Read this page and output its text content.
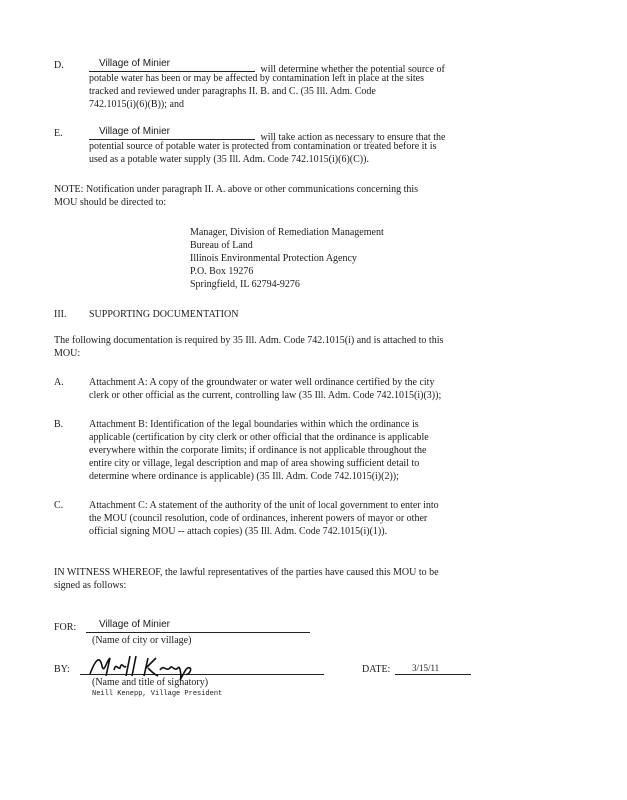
D.	Village of Minier
will determine whether the potential source of
potable water has been or may be affected by contamination left in place at the sites
tracked and reviewed under paragraphs II. B. and C. (35 Ill. Adm. Code
742.1015(i)(6)(B)); and
E.	Village of Minier
will take action as necessary to ensure that the
potential source of potable water is protected from contamination or treated before it is
used as a potable water supply (35 Ill. Adm. Code 742.1015(i)(6)(C)).
NOTE: Notification under paragraph II. A. above or other communications concerning this
MOU should be directed to:
Manager, Division of Remediation Management
Bureau of Land
Illinois Environmental Protection Agency
P.O. Box 19276
Springfield, IL 62794-9276
III. SUPPORTING DOCUMENTATION
The following documentation is required by 35 Ill. Adm. Code 742.1015(i) and is attached to this
MOU:
A.	Attachment A: A copy of the groundwater or water well ordinance certified by the city
clerk or other official as the current, controlling law (35 Ill. Adm. Code 742.1015(i)(3));
B.	Attachment B: Identification of the legal boundaries within which the ordinance is
applicable (certification by city clerk or other official that the ordinance is applicable
everywhere within the corporate limits; if ordinance is not applicable throughout the
entire city or village, legal description and map of area showing sufficient detail to
determine where ordinance is applicable) (35 Ill. Adm. Code 742.1015(i)(2));
C.	Attachment C: A statement of the authority of the unit of local government to enter into
the MOU (council resolution, code of ordinances, inherent powers of mayor or other
official signing MOU -- attach copies) (35 Ill. Adm. Code 742.1015(i)(1)).
IN WITNESS WHEREOF, the lawful representatives of the parties have caused this MOU to be
signed as follows:
FOR: Village of Minier
(Name of city or village)
BY:
(Name and title of signatory)
Neill Kenepp, Village President
DATE: 3/15/11
